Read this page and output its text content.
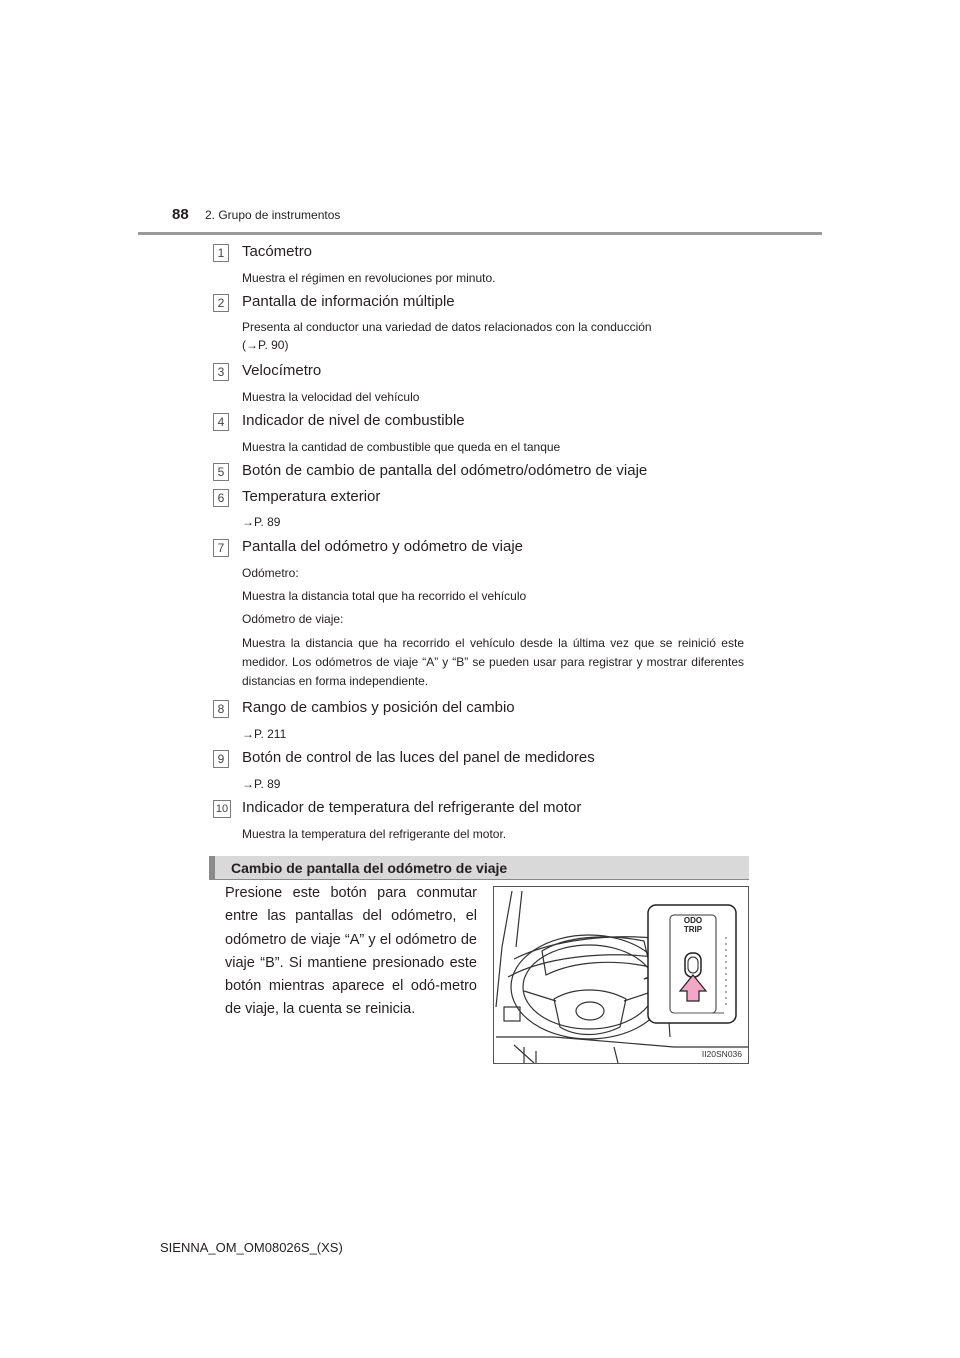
88 2. Grupo de instrumentos
1	Tacómetro
Muestra el régimen en revoluciones por minuto.
2	Pantalla de información múltiple
Presenta al conductor una variedad de datos relacionados con la conducción
(→P. 90)
3	Velocímetro
Muestra la velocidad del vehículo
4	Indicador de nivel de combustible
Muestra la cantidad de combustible que queda en el tanque
5	Botón de cambio de pantalla del odómetro/odómetro de viaje
6	Temperatura exterior
→P. 89
7	Pantalla del odómetro y odómetro de viaje
Odómetro:
Muestra la distancia total que ha recorrido el vehículo
Odómetro de viaje:
Muestra la distancia que ha recorrido el vehículo desde la última vez que se reinició este medidor. Los odómetros de viaje “A” y “B” se pueden usar para registrar y mostrar diferentes distancias en forma independiente.
8	Rango de cambios y posición del cambio
→P. 211
9	Botón de control de las luces del panel de medidores
→P. 89
10 Indicador de temperatura del refrigerante del motor
Muestra la temperatura del refrigerante del motor.
Cambio de pantalla del odómetro de viaje
Presione este botón para conmutar entre las pantallas del odómetro, el odómetro de viaje “A” y el odómetro de viaje “B”. Si mantiene presionado este botón mientras aparece el odó-metro de viaje, la cuenta se reinicia.
ODO
TRIP
II20SN036
SIENNA_OM_OM08026S_(XS)
